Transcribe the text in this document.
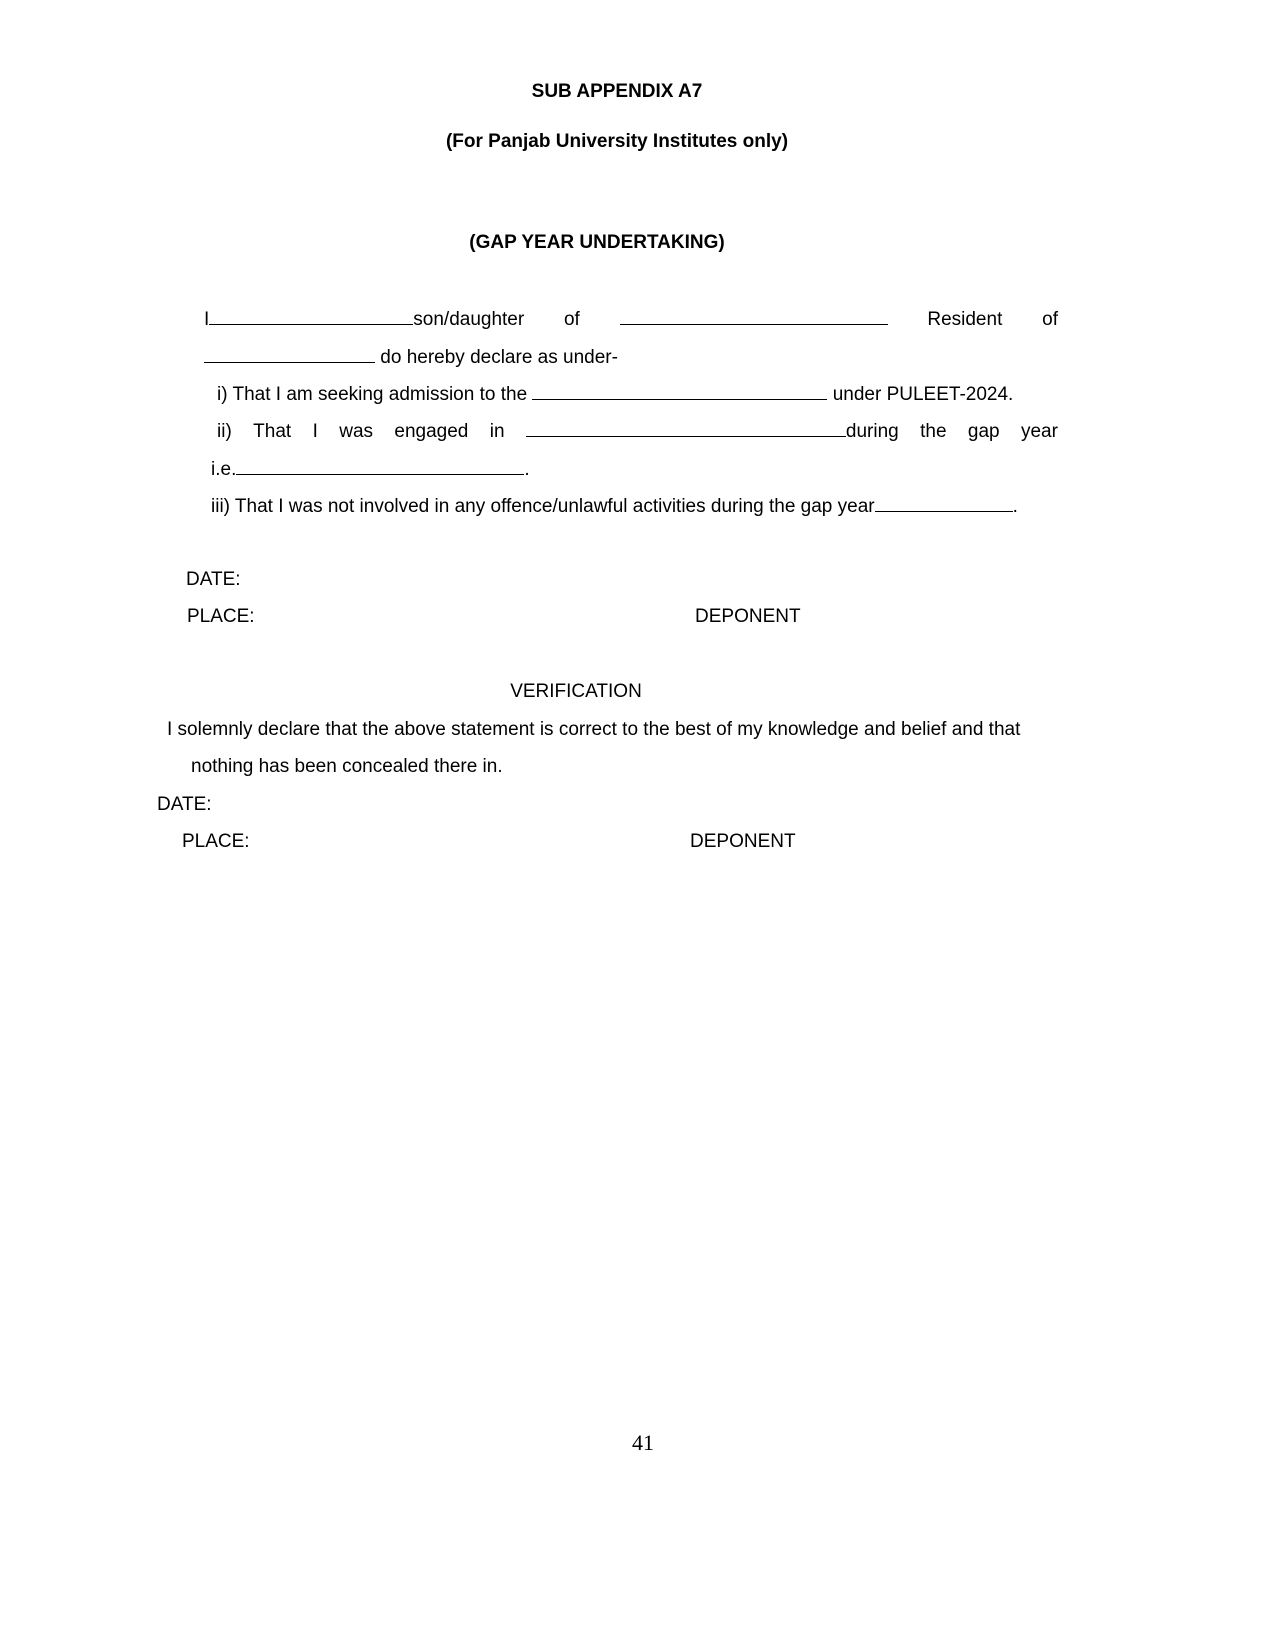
SUB APPENDIX A7
(For Panjab University Institutes only)
(GAP YEAR UNDERTAKING)
I	son/daughter of	Resident of
do hereby declare as under-
i) That I am seeking admission to the	under PULEET-2024.
ii) That I was engaged in	during the gap year
i.e.	.
iii) That I was not involved in any offence/unlawful activities during the gap year	.
DATE:
PLACE:	DEPONENT
VERIFICATION
I solemnly declare that the above statement is correct to the best of my knowledge and belief and that
nothing has been concealed there in.
DATE:
PLACE:	DEPONENT
41
